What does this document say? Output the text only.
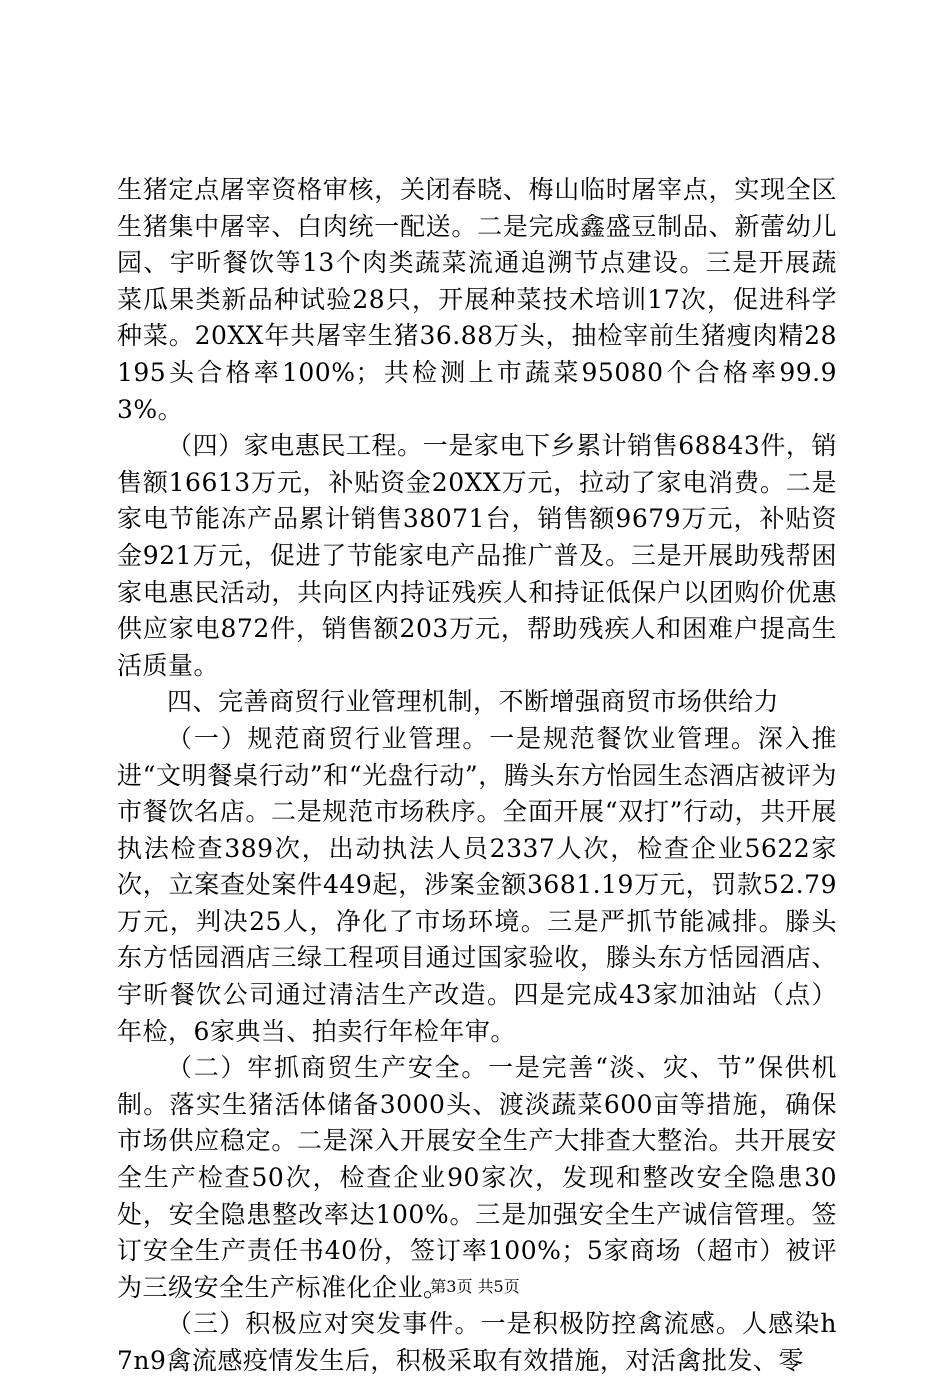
生猪定点屠宰资格审核，关闭春晓、梅山临时屠宰点，实现全区生猪集中屠宰、白肉统一配送。二是完成鑫盛豆制品、新蕾幼儿园、宇昕餐饮等13个肉类蔬菜流通追溯节点建设。三是开展蔬菜瓜果类新品种试验28只，开展种菜技术培训17次，促进科学种菜。20XX年共屠宰生猪36.88万头，抽检宰前生猪瘦肉精28195头合格率100%；共检测上市蔬菜95080个合格率99.93%。

（四）家电惠民工程。一是家电下乡累计销售68843件，销售额16613万元，补贴资金20XX万元，拉动了家电消费。二是家电节能冻产品累计销售38071台，销售额9679万元，补贴资金921万元，促进了节能家电产品推广普及。三是开展助残帮困家电惠民活动，共向区内持证残疾人和持证低保户以团购价优惠供应家电872件，销售额203万元，帮助残疾人和困难户提高生活质量。

四、完善商贸行业管理机制，不断增强商贸市场供给力

（一）规范商贸行业管理。一是规范餐饮业管理。深入推进“文明餐桌行动”和“光盘行动”，腾头东方怡园生态酒店被评为市餐饮名店。二是规范市场秩序。全面开展“双打”行动，共开展执法检查389次，出动执法人员2337人次，检查企业5622家次，立案查处案件449起，涉案金额3681.19万元，罚款52.79万元，判决25人，净化了市场环境。三是严抓节能减排。滕头东方恬园酒店三绿工程项目通过国家验收，滕头东方恬园酒店、宇昕餐饮公司通过清洁生产改造。四是完成43家加油站（点）年检，6家典当、拍卖行年检年审。

（二）牢抓商贸生产安全。一是完善“淡、灾、节”保供机制。落实生猪活体储备3000头、渡淡蔬菜600亩等措施，确保市场供应稳定。二是深入开展安全生产大排查大整治。共开展安全生产检查50次，检查企业90家次，发现和整改安全隐患30处，安全隐患整改率达100%。三是加强安全生产诚信管理。签订安全生产责任书40份，签订率100%；5家商场（超市）被评为三级安全生产标准化企业。

（三）积极应对突发事件。一是积极防控禽流感。人感染h7n9禽流感疫情发生后，积极采取有效措施，对活禽批发、零

第3页 共5页
